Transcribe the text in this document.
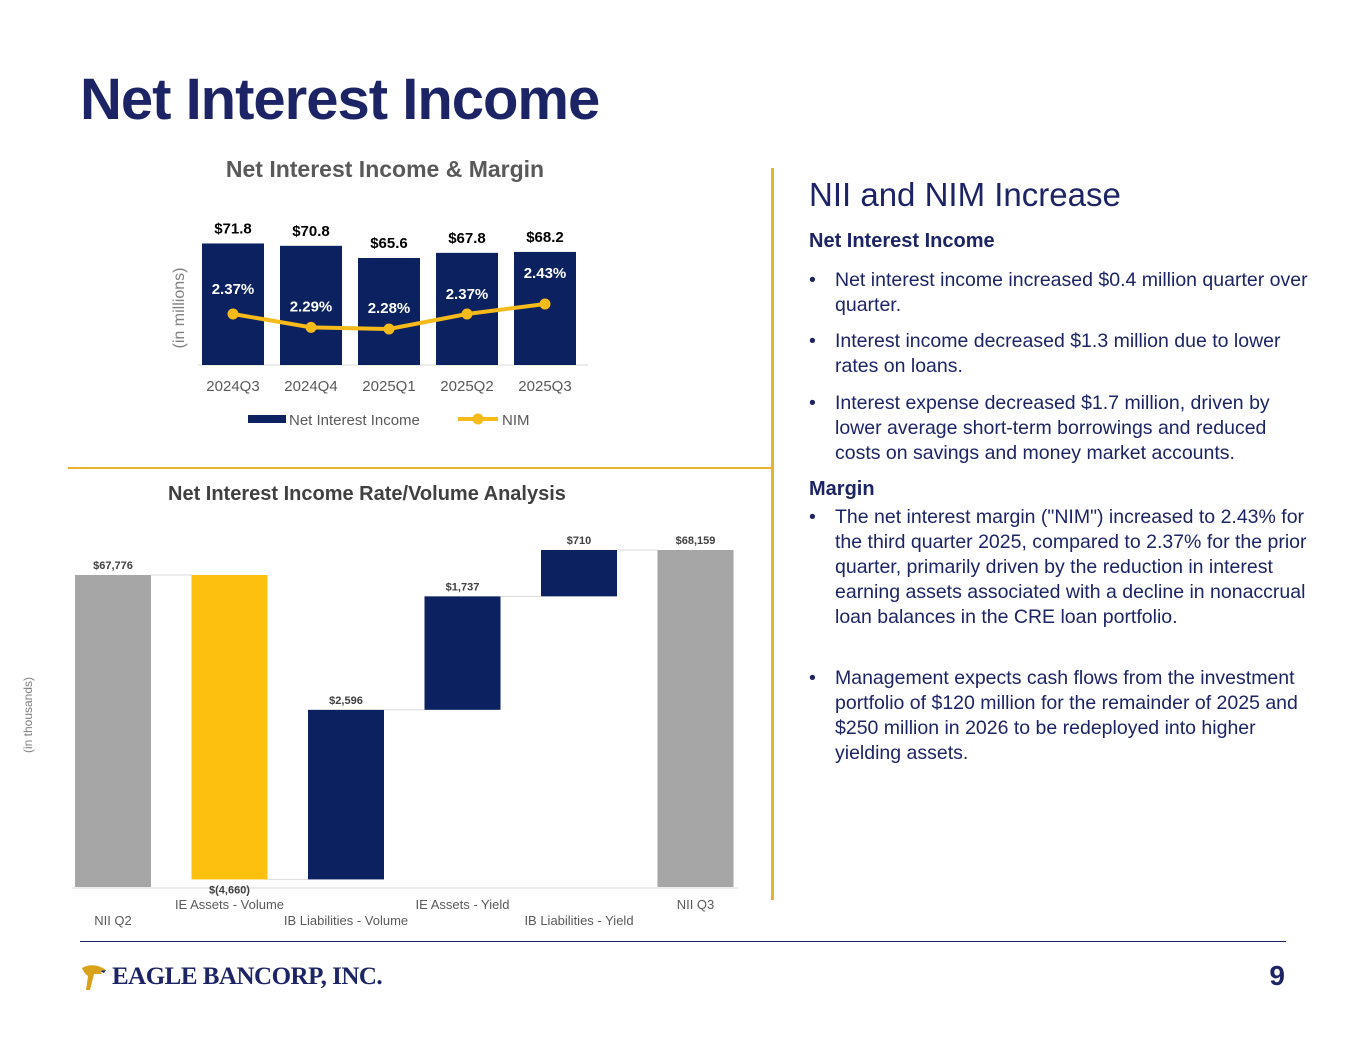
Net Interest Income
Net Interest Income & Margin
(in millions)
$71.8
2024Q3
$70.8
2024Q4
$65.6
2025Q1
$67.8
2025Q2
$68.2
2025Q3
2.37%
2.29% 2.28%
2.37%
2.43%
Net Interest Income	NIM
Net Interest Income Rate/Volume Analysis
(in thousands)
$67,776
NII Q2
$(4,660)
IE Assets - Volume
$2,596
IB Liabilities - Volume
$1,737
IE Assets - Yield
$710
IB Liabilities - Yield
$68,159
NII Q3
NII and NIM Increase
Net Interest Income
• Net interest income increased $0.4 million quarter over quarter.
• Interest income decreased $1.3 million due to lower rates on loans.
• Interest expense decreased $1.7 million, driven by lower average short-term borrowings and reduced costs on savings and money market accounts.
Margin
• The net interest margin ("NIM") increased to 2.43% for the third quarter 2025, compared to 2.37% for the prior quarter, primarily driven by the reduction in interest earning assets associated with a decline in nonaccrual loan balances in the CRE loan portfolio.
• Management expects cash flows from the investment portfolio of $120 million for the remainder of 2025 and $250 million in 2026 to be redeployed into higher yielding assets.
EAGLE BANCORP, INC.	9
